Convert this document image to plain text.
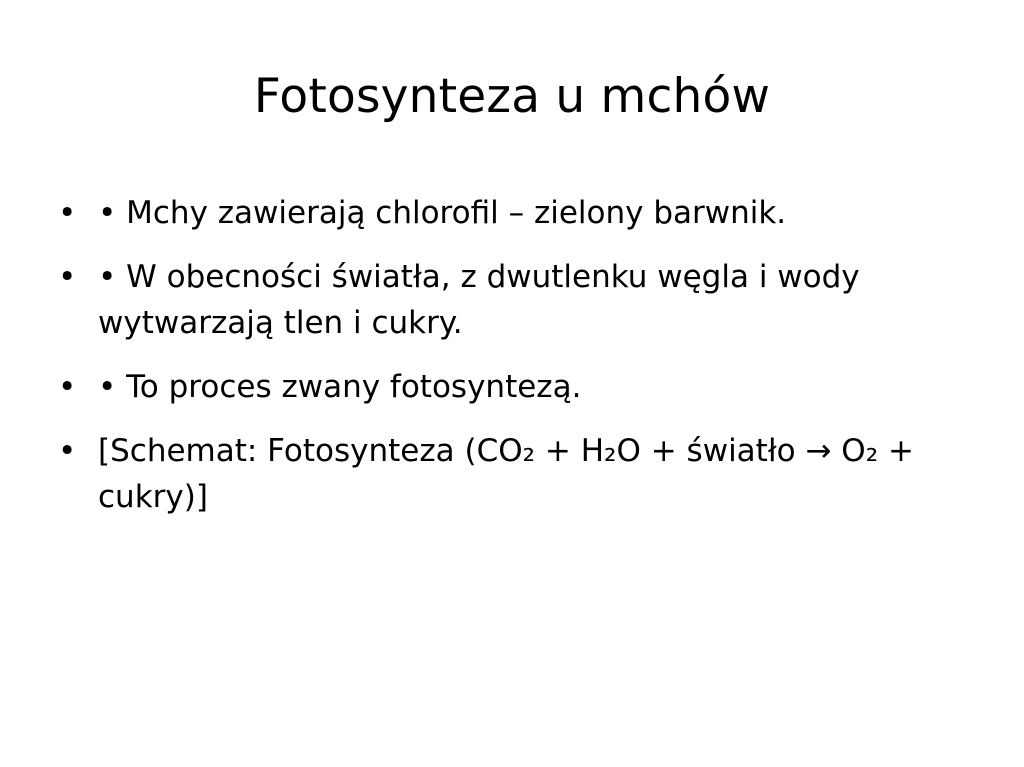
Fotosynteza u mchów
• • Mchy zawierają chlorofil – zielony barwnik.
• • W obecności światła, z dwutlenku węgla i wody wytwarzają tlen i cukry.
• • To proces zwany fotosyntezą.
• [Schemat: Fotosynteza (CO₂ + H₂O + światło → O₂ + cukry)]
